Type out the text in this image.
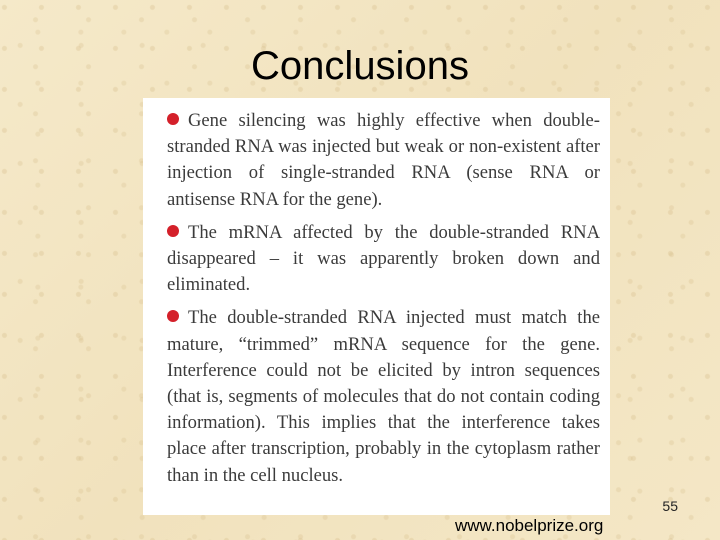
Conclusions

Gene silencing was highly effective when double-stranded RNA was injected but weak or non-existent after injection of single-stranded RNA (sense RNA or antisense RNA for the gene).

The mRNA affected by the double-stranded RNA disappeared – it was apparently broken down and eliminated.

The double-stranded RNA injected must match the mature, “trimmed” mRNA sequence for the gene. Interference could not be elicited by intron sequences (that is, segments of molecules that do not contain coding information). This implies that the interference takes place after transcription, probably in the cytoplasm rather than in the cell nucleus.

55
www.nobelprize.org
